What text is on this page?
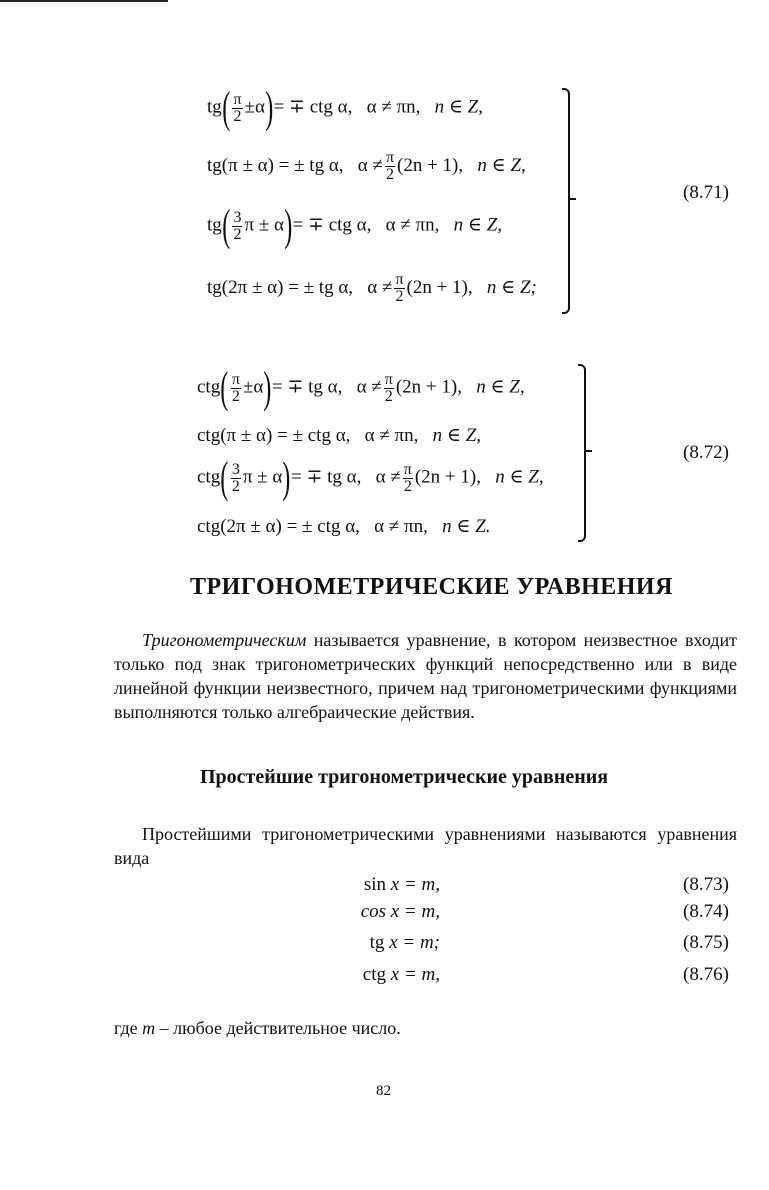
$tg( \frac{\pi}{2} \pm\alpha)=$ ∓ ctg α, α ≠ πn, n ∈ Z,
tg(π ± α) = ± tg α, $\alpha \ne \frac{\pi}{2} (2n + 1)$, n ∈ Z,
$tg( \frac{3}{2}$ π ± α)= ∓ ctg α, α ≠ πn, n ∈ Z,
tg(2π ± α) = ± tg α, $\alpha \ne \frac{\pi}{2} (2n + 1)$, n ∈ Z;
(8.71)
$ctg( \frac{\pi}{2} \pm\alpha)=$ ∓ tg α, $\alpha \ne \frac{\pi}{2} (2n + 1)$, n ∈ Z,
ctg(π ± α) = ± ctg α, α ≠ πn, n ∈ Z,
$ctg( \frac{3}{2}$ π ± α)= ∓ tg α, $\alpha \ne \frac{\pi}{2} (2n + 1)$, n ∈ Z,
ctg(2π ± α) = ± ctg α, α ≠ πn, n ∈ Z.
(8.72)
ТРИГОНОМЕТРИЧЕСКИЕ УРАВНЕНИЯ

Тригонометрическим называется уравнение, в котором неизвестное входит только под знак тригонометрических функций непосредственно или в виде линейной функции неизвестного, причем над тригонометрическими функциями выполняются только алгебраические действия.

Простейшие тригонометрические уравнения

Простейшими тригонометрическими уравнениями называются уравнения вида

sin x = m,	(8.73)
cos x = m,	(8.74)
tg x = m;	(8.75)
ctg x = m,	(8.76)

где m – любое действительное число.

82
